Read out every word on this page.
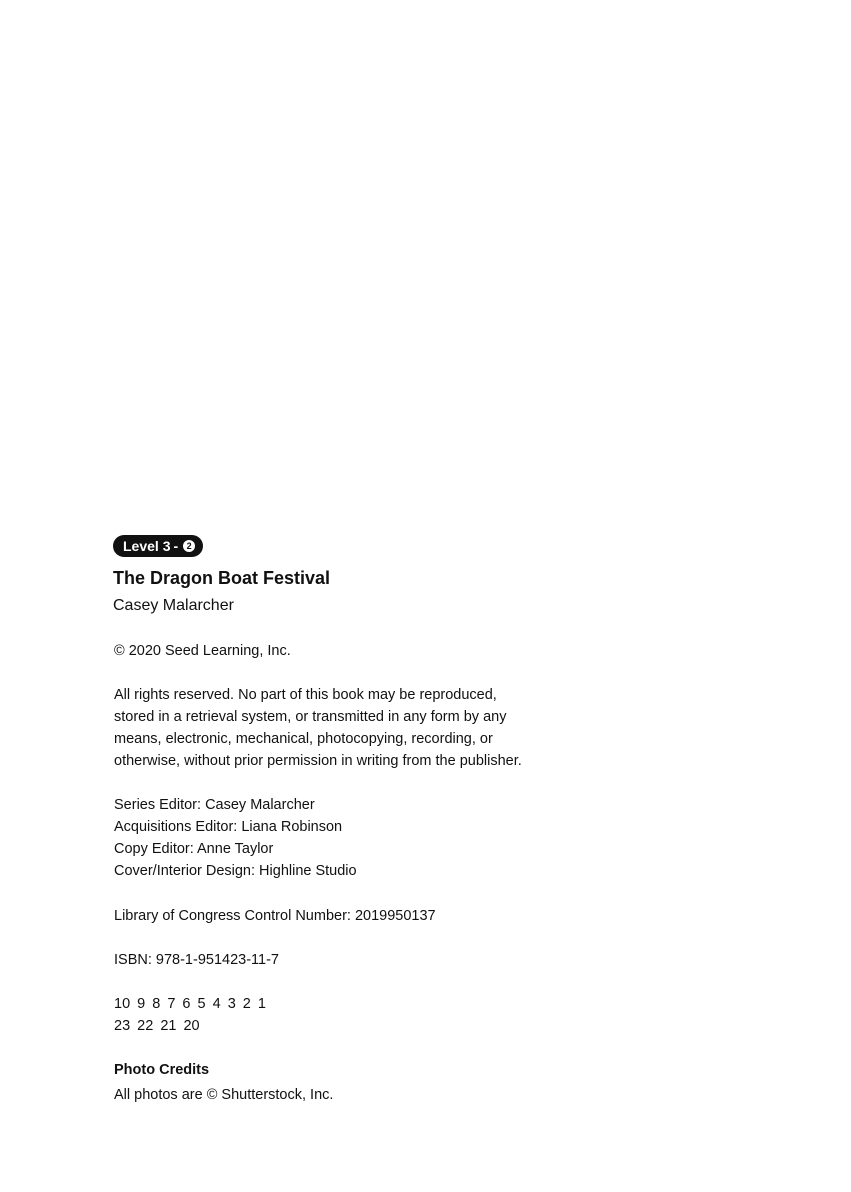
Level 3 - 2
The Dragon Boat Festival
Casey Malarcher
© 2020 Seed Learning, Inc.
All rights reserved. No part of this book may be reproduced,
stored in a retrieval system, or transmitted in any form by any
means, electronic, mechanical, photocopying, recording, or
otherwise, without prior permission in writing from the publisher.
Series Editor: Casey Malarcher
Acquisitions Editor: Liana Robinson
Copy Editor: Anne Taylor
Cover/Interior Design: Highline Studio
Library of Congress Control Number: 2019950137
ISBN: 978-1-951423-11-7
10 9 8 7 6 5 4 3 2 1
23 22 21 20
Photo Credits
All photos are © Shutterstock, Inc.
